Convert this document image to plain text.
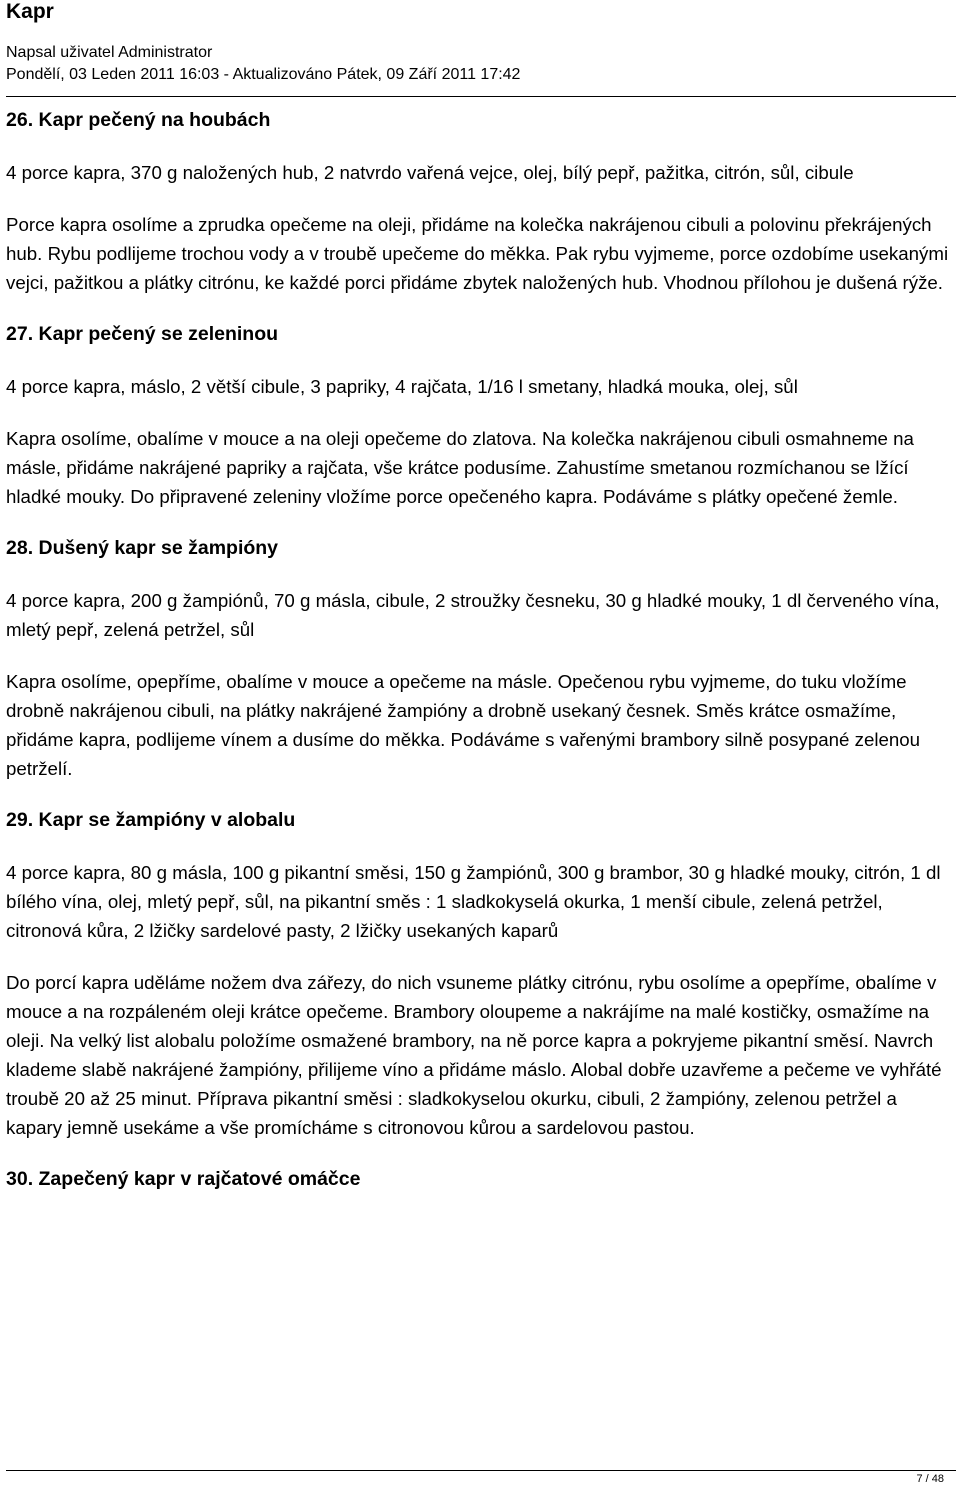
Kapr

Napsal uživatel Administrator

Pondělí, 03 Leden 2011 16:03 - Aktualizováno Pátek, 09 Září 2011 17:42

26. Kapr pečený na houbách

4 porce kapra, 370 g naložených hub, 2 natvrdo vařená vejce, olej, bílý pepř, pažitka, citrón, sůl, cibule

Porce kapra osolíme a zprudka opečeme na oleji, přidáme na kolečka nakrájenou cibuli a polovinu překrájených hub. Rybu podlijeme trochou vody a v troubě upečeme do měkka. Pak rybu vyjmeme, porce ozdobíme usekanými vejci, pažitkou a plátky citrónu, ke každé porci přidáme zbytek naložených hub. Vhodnou přílohou je dušená rýže.

27. Kapr pečený se zeleninou

4 porce kapra, máslo, 2 větší cibule, 3 papriky, 4 rajčata, 1/16 l smetany, hladká mouka, olej, sůl

Kapra osolíme, obalíme v mouce a na oleji opečeme do zlatova. Na kolečka nakrájenou cibuli osmahneme na másle, přidáme nakrájené papriky a rajčata, vše krátce podusíme. Zahustíme smetanou rozmíchanou se lžící hladké mouky. Do připravené zeleniny vložíme porce opečeného kapra. Podáváme s plátky opečené žemle.

28. Dušený kapr se žampióny

4 porce kapra, 200 g žampiónů, 70 g másla, cibule, 2 stroužky česneku, 30 g hladké mouky, 1 dl červeného vína, mletý pepř, zelená petržel, sůl

Kapra osolíme, opepříme, obalíme v mouce a opečeme na másle. Opečenou rybu vyjmeme, do tuku vložíme drobně nakrájenou cibuli, na plátky nakrájené žampióny a drobně usekaný česnek. Směs krátce osmažíme, přidáme kapra, podlijeme vínem a dusíme do měkka. Podáváme s vařenými brambory silně posypané zelenou petrželí.

29. Kapr se žampióny v alobalu

4 porce kapra, 80 g másla, 100 g pikantní směsi, 150 g žampiónů, 300 g brambor, 30 g hladké mouky, citrón, 1 dl bílého vína, olej, mletý pepř, sůl, na pikantní směs : 1 sladkokyselá okurka, 1 menší cibule, zelená petržel, citronová kůra, 2 lžičky sardelové pasty, 2 lžičky usekaných kaparů

Do porcí kapra uděláme nožem dva zářezy, do nich vsuneme plátky citrónu, rybu osolíme a opepříme, obalíme v mouce a na rozpáleném oleji krátce opečeme. Brambory oloupeme a nakrájíme na malé kostičky, osmažíme na oleji. Na velký list alobalu položíme osmažené brambory, na ně porce kapra a pokryjeme pikantní směsí. Navrch klademe slabě nakrájené žampióny, přilijeme víno a přidáme máslo. Alobal dobře uzavřeme a pečeme ve vyhřáté troubě 20 až 25 minut. Příprava pikantní směsi : sladkokyselou okurku, cibuli, 2 žampióny, zelenou petržel a kapary jemně usekáme a vše promícháme s citronovou kůrou a sardelovou pastou.

30. Zapečený kapr v rajčatové omáčce
7 / 48
